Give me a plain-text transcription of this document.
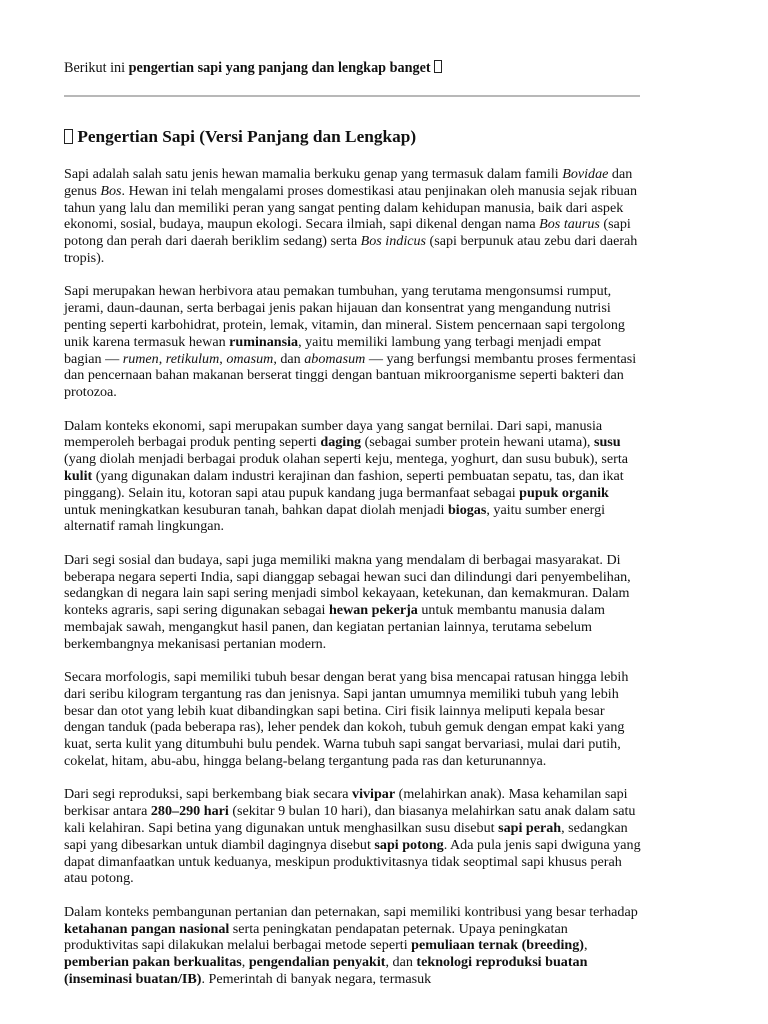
Berikut ini pengertian sapi yang panjang dan lengkap banget

Pengertian Sapi (Versi Panjang dan Lengkap)

Sapi adalah salah satu jenis hewan mamalia berkuku genap yang termasuk dalam famili Bovidae dan genus Bos. Hewan ini telah mengalami proses domestikasi atau penjinakan oleh manusia sejak ribuan tahun yang lalu dan memiliki peran yang sangat penting dalam kehidupan manusia, baik dari aspek ekonomi, sosial, budaya, maupun ekologi. Secara ilmiah, sapi dikenal dengan nama Bos taurus (sapi potong dan perah dari daerah beriklim sedang) serta Bos indicus (sapi berpunuk atau zebu dari daerah tropis).

Sapi merupakan hewan herbivora atau pemakan tumbuhan, yang terutama mengonsumsi rumput, jerami, daun-daunan, serta berbagai jenis pakan hijauan dan konsentrat yang mengandung nutrisi penting seperti karbohidrat, protein, lemak, vitamin, dan mineral. Sistem pencernaan sapi tergolong unik karena termasuk hewan ruminansia, yaitu memiliki lambung yang terbagi menjadi empat bagian — rumen, retikulum, omasum, dan abomasum — yang berfungsi membantu proses fermentasi dan pencernaan bahan makanan berserat tinggi dengan bantuan mikroorganisme seperti bakteri dan protozoa.

Dalam konteks ekonomi, sapi merupakan sumber daya yang sangat bernilai. Dari sapi, manusia memperoleh berbagai produk penting seperti daging (sebagai sumber protein hewani utama), susu (yang diolah menjadi berbagai produk olahan seperti keju, mentega, yoghurt, dan susu bubuk), serta kulit (yang digunakan dalam industri kerajinan dan fashion, seperti pembuatan sepatu, tas, dan ikat pinggang). Selain itu, kotoran sapi atau pupuk kandang juga bermanfaat sebagai pupuk organik untuk meningkatkan kesuburan tanah, bahkan dapat diolah menjadi biogas, yaitu sumber energi alternatif ramah lingkungan.

Dari segi sosial dan budaya, sapi juga memiliki makna yang mendalam di berbagai masyarakat. Di beberapa negara seperti India, sapi dianggap sebagai hewan suci dan dilindungi dari penyembelihan, sedangkan di negara lain sapi sering menjadi simbol kekayaan, ketekunan, dan kemakmuran. Dalam konteks agraris, sapi sering digunakan sebagai hewan pekerja untuk membantu manusia dalam membajak sawah, mengangkut hasil panen, dan kegiatan pertanian lainnya, terutama sebelum berkembangnya mekanisasi pertanian modern.

Secara morfologis, sapi memiliki tubuh besar dengan berat yang bisa mencapai ratusan hingga lebih dari seribu kilogram tergantung ras dan jenisnya. Sapi jantan umumnya memiliki tubuh yang lebih besar dan otot yang lebih kuat dibandingkan sapi betina. Ciri fisik lainnya meliputi kepala besar dengan tanduk (pada beberapa ras), leher pendek dan kokoh, tubuh gemuk dengan empat kaki yang kuat, serta kulit yang ditumbuhi bulu pendek. Warna tubuh sapi sangat bervariasi, mulai dari putih, cokelat, hitam, abu-abu, hingga belang-belang tergantung pada ras dan keturunannya.

Dari segi reproduksi, sapi berkembang biak secara vivipar (melahirkan anak). Masa kehamilan sapi berkisar antara 280–290 hari (sekitar 9 bulan 10 hari), dan biasanya melahirkan satu anak dalam satu kali kelahiran. Sapi betina yang digunakan untuk menghasilkan susu disebut sapi perah, sedangkan sapi yang dibesarkan untuk diambil dagingnya disebut sapi potong. Ada pula jenis sapi dwiguna yang dapat dimanfaatkan untuk keduanya, meskipun produktivitasnya tidak seoptimal sapi khusus perah atau potong.

Dalam konteks pembangunan pertanian dan peternakan, sapi memiliki kontribusi yang besar terhadap ketahanan pangan nasional serta peningkatan pendapatan peternak. Upaya peningkatan produktivitas sapi dilakukan melalui berbagai metode seperti pemuliaan ternak (breeding), pemberian pakan berkualitas, pengendalian penyakit, dan teknologi reproduksi buatan (inseminasi buatan/IB). Pemerintah di banyak negara, termasuk
